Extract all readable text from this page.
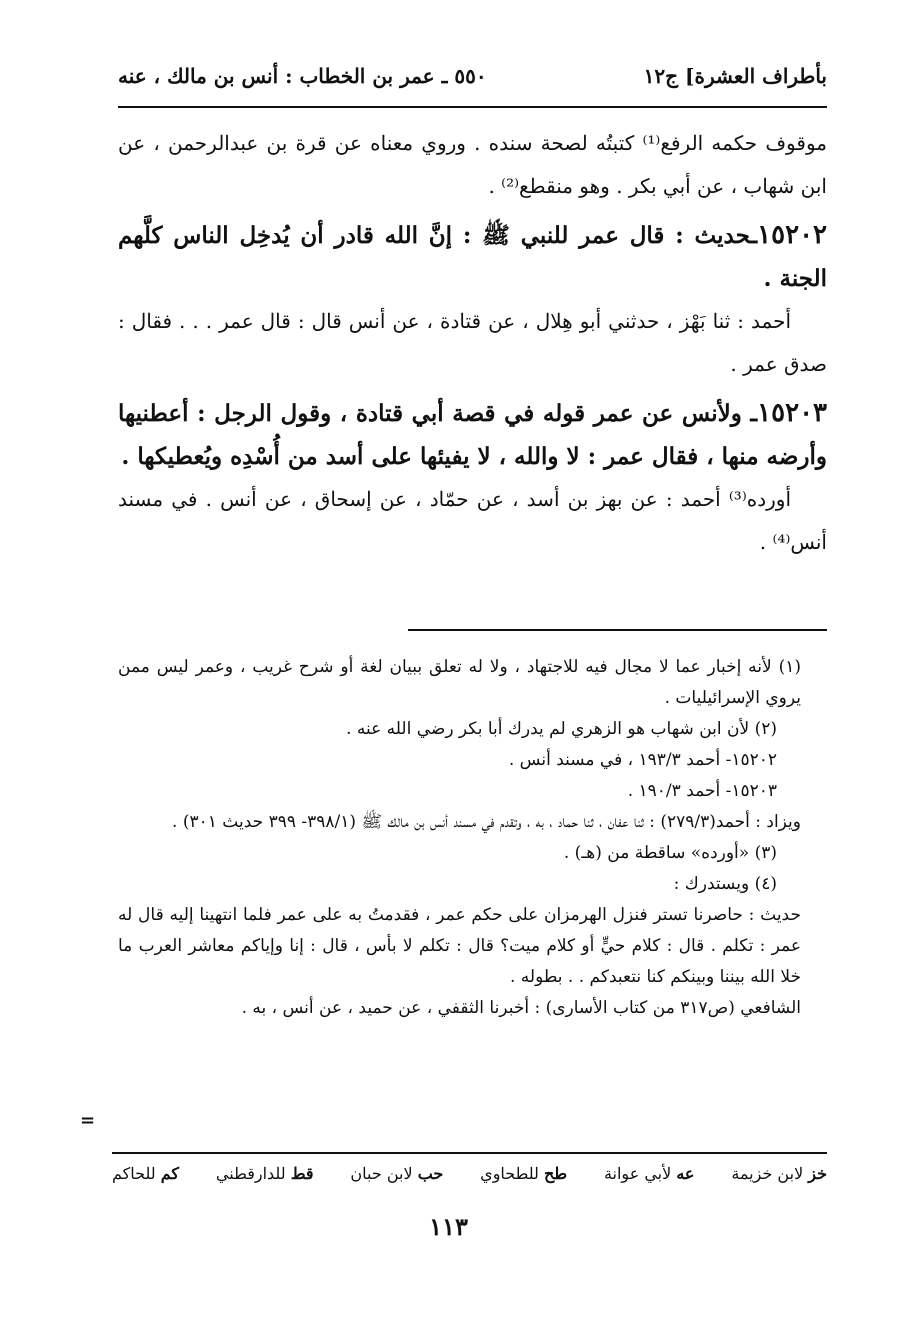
بأطراف العشرة] ج١٢
٥٥٠ ـ عمر بن الخطاب : أنس بن مالك ، عنه

موقوف حكمه الرفع⁽¹⁾ كتبتُه لصحة سنده . وروي معناه عن قرة بن عبدالرحمن ، عن ابن شهاب ، عن أبي بكر . وهو منقطع⁽²⁾ .

١٥٢٠٢ـحديث : قال عمر للنبي ﷺ : إنَّ الله قادر أن يُدخِل الناس كلَّهم الجنة .

أحمد : ثنا بَهْز ، حدثني أبو هِلال ، عن قتادة ، عن أنس قال : قال عمر . . . فقال : صدق عمر .

١٥٢٠٣ـ ولأنس عن عمر قوله في قصة أبي قتادة ، وقول الرجل : أعطنيها وأرضه منها ، فقال عمر : لا والله ، لا يفيئها على أسد من أُسْدِه ويُعطيكها .

أورده⁽³⁾ أحمد : عن بهز بن أسد ، عن حمّاد ، عن إسحاق ، عن أنس . في مسند أنس⁽⁴⁾ .

(١) لأنه إخبار عما لا مجال فيه للاجتهاد ، ولا له تعلق ببيان لغة أو شرح غريب ، وعمر ليس ممن يروي الإسرائيليات .

(٢) لأن ابن شهاب هو الزهري لم يدرك أبا بكر رضي الله عنه .

١٥٢٠٢- أحمد ١٩٣/٣ ، في مسند أنس .

١٥٢٠٣- أحمد ١٩٠/٣ .

ويزاد : أحمد(٢٧٩/٣) : ثنا عفان ، ثنا حماد ، به ، وتقدم في مسند أنس بن مالك ﷺ (٣٩٨/١- ٣٩٩ حديث ٣٠١) .

(٣) «أورده» ساقطة من (هـ) .

(٤) ويستدرك :

حديث : حاصرنا تستر فنزل الهرمزان على حكم عمر ، فقدمتُ به على عمر فلما انتهينا إليه قال له عمر : تكلم . قال : كلام حيٍّ أو كلام ميت؟ قال : تكلم لا بأس ، قال : إنا وإياكم معاشر العرب ما خلا الله بيننا وبينكم كنا نتعبدكم . . بطوله .

الشافعي (ص٣١٧ من كتاب الأسارى) : أخبرنا الثقفي ، عن حميد ، عن أنس ، به .

=
خز لابن خزيمة
عه لأبي عوانة
طح للطحاوي
حب لابن حبان
قط للدارقطني
كم للحاكم
١١٣
